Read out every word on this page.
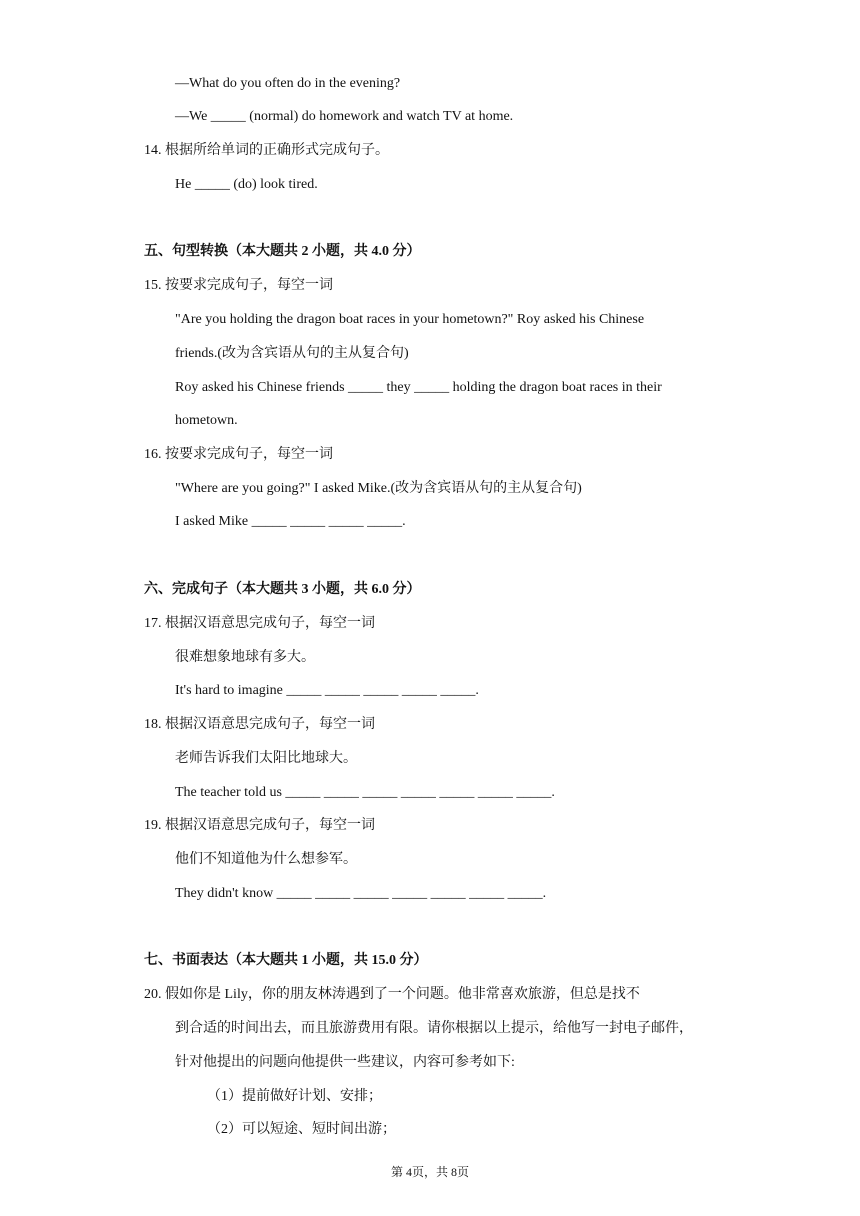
—What do you often do in the evening?
—We _____ (normal) do homework and watch TV at home.
14. 根据所给单词的正确形式完成句子。
He _____ (do) look tired.
五、句型转换（本大题共 2 小题，共 4.0 分）
15. 按要求完成句子，每空一词
"Are you holding the dragon boat races in your hometown?" Roy asked his Chinese
friends.(改为含宾语从句的主从复合句)
Roy asked his Chinese friends _____ they _____ holding the dragon boat races in their
hometown.
16. 按要求完成句子，每空一词
"Where are you going?" I asked Mike.(改为含宾语从句的主从复合句)
I asked Mike _____ _____ _____ _____.
六、完成句子（本大题共 3 小题，共 6.0 分）
17. 根据汉语意思完成句子，每空一词
很难想象地球有多大。
It's hard to imagine _____ _____ _____ _____ _____.
18. 根据汉语意思完成句子，每空一词
老师告诉我们太阳比地球大。
The teacher told us _____ _____ _____ _____ _____ _____ _____.
19. 根据汉语意思完成句子，每空一词
他们不知道他为什么想参军。
They didn't know _____ _____ _____ _____ _____ _____ _____.
七、书面表达（本大题共 1 小题，共 15.0 分）
20. 假如你是 Lily，你的朋友林涛遇到了一个问题。他非常喜欢旅游，但总是找不
到合适的时间出去，而且旅游费用有限。请你根据以上提示，给他写一封电子邮件，
针对他提出的问题向他提供一些建议，内容可参考如下:
（1）提前做好计划、安排；
（2）可以短途、短时间出游；
第 4页，共 8页
